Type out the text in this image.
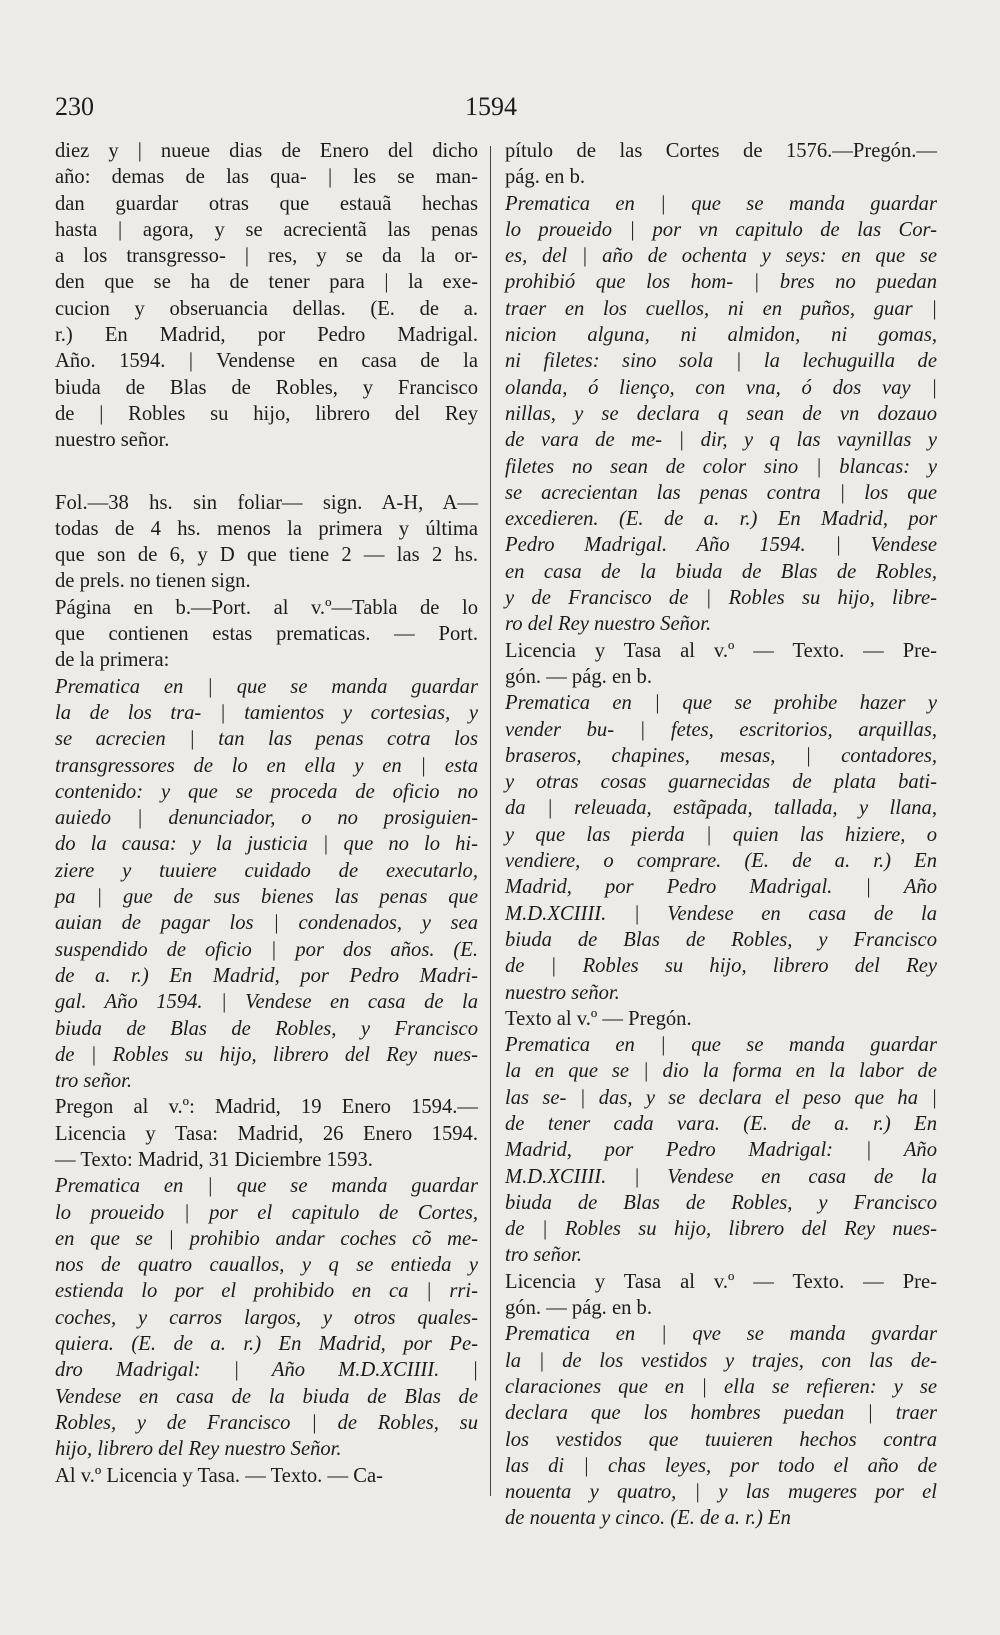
230	1594
diez y | nueue dias de Enero del dicho
año: demas de las qua- | les se man-
dan guardar otras que estauã hechas
hasta | agora, y se acrecientã las penas
a los transgresso- | res, y se da la or-
den que se ha de tener para | la exe-
cucion y obseruancia dellas. (E. de a.
r.) En Madrid, por Pedro Madrigal.
Año. 1594. | Vendense en casa de la
biuda de Blas de Robles, y Francisco
de | Robles su hijo, librero del Rey
nuestro señor.
Fol.—38 hs. sin foliar— sign. A-H, A—
todas de 4 hs. menos la primera y última
que son de 6, y D que tiene 2 — las 2 hs.
de prels. no tienen sign.
Página en b.—Port. al v.º—Tabla de lo
que contienen estas prematicas. — Port.
de la primera:
Prematica en | que se manda guardar
la de los tra- | tamientos y cortesias, y
se acrecien | tan las penas cotra los
transgressores de lo en ella y en | esta
contenido: y que se proceda de oficio no
auiedo | denunciador, o no prosiguien-
do la causa: y la justicia | que no lo hi-
ziere y tuuiere cuidado de executarlo,
pa | gue de sus bienes las penas que
auian de pagar los | condenados, y sea
suspendido de oficio | por dos años. (E.
de a. r.) En Madrid, por Pedro Madri-
gal. Año 1594. | Vendese en casa de la
biuda de Blas de Robles, y Francisco
de | Robles su hijo, librero del Rey nues-
tro señor.
Pregon al v.º: Madrid, 19 Enero 1594.—
Licencia y Tasa: Madrid, 26 Enero 1594.
— Texto: Madrid, 31 Diciembre 1593.
Prematica en | que se manda guardar
lo proueido | por el capitulo de Cortes,
en que se | prohibio andar coches cõ me-
nos de quatro cauallos, y q se entieda y
estienda lo por el prohibido en ca | rri-
coches, y carros largos, y otros quales-
quiera. (E. de a. r.) En Madrid, por Pe-
dro Madrigal: | Año M.D.XCIIII. |
Vendese en casa de la biuda de Blas de
Robles, y de Francisco | de Robles, su
hijo, librero del Rey nuestro Señor.
Al v.º Licencia y Tasa. — Texto. — Ca-
pítulo de las Cortes de 1576.—Pregón.—
pág. en b.
Prematica en | que se manda guardar
lo proueido | por vn capitulo de las Cor-
es, del | año de ochenta y seys: en que se
prohibió que los hom- | bres no puedan
traer en los cuellos, ni en puños, guar |
nicion alguna, ni almidon, ni gomas,
ni filetes: sino sola | la lechuguilla de
olanda, ó lienço, con vna, ó dos vay |
nillas, y se declara q sean de vn dozauo
de vara de me- | dir, y q las vaynillas y
filetes no sean de color sino | blancas: y
se acrecientan las penas contra | los que
excedieren. (E. de a. r.) En Madrid, por
Pedro Madrigal. Año 1594. | Vendese
en casa de la biuda de Blas de Robles,
y de Francisco de | Robles su hijo, libre-
ro del Rey nuestro Señor.
Licencia y Tasa al v.º — Texto. — Pre-
gón. — pág. en b.
Prematica en | que se prohibe hazer y
vender bu- | fetes, escritorios, arquillas,
braseros, chapines, mesas, | contadores,
y otras cosas guarnecidas de plata bati-
da | releuada, estãpada, tallada, y llana,
y que las pierda | quien las hiziere, o
vendiere, o comprare. (E. de a. r.) En
Madrid, por Pedro Madrigal. | Año
M.D.XCIIII. | Vendese en casa de la
biuda de Blas de Robles, y Francisco
de | Robles su hijo, librero del Rey
nuestro señor.
Texto al v.º — Pregón.
Prematica en | que se manda guardar
la en que se | dio la forma en la labor de
las se- | das, y se declara el peso que ha |
de tener cada vara. (E. de a. r.) En
Madrid, por Pedro Madrigal: | Año
M.D.XCIIII. | Vendese en casa de la
biuda de Blas de Robles, y Francisco
de | Robles su hijo, librero del Rey nues-
tro señor.
Licencia y Tasa al v.º — Texto. — Pre-
gón. — pág. en b.
Prematica en | qve se manda gvardar
la | de los vestidos y trajes, con las de-
claraciones que en | ella se refieren: y se
declara que los hombres puedan | traer
los vestidos que tuuieren hechos contra
las di | chas leyes, por todo el año de
nouenta y quatro, | y las mugeres por el
de nouenta y cinco. (E. de a. r.) En
